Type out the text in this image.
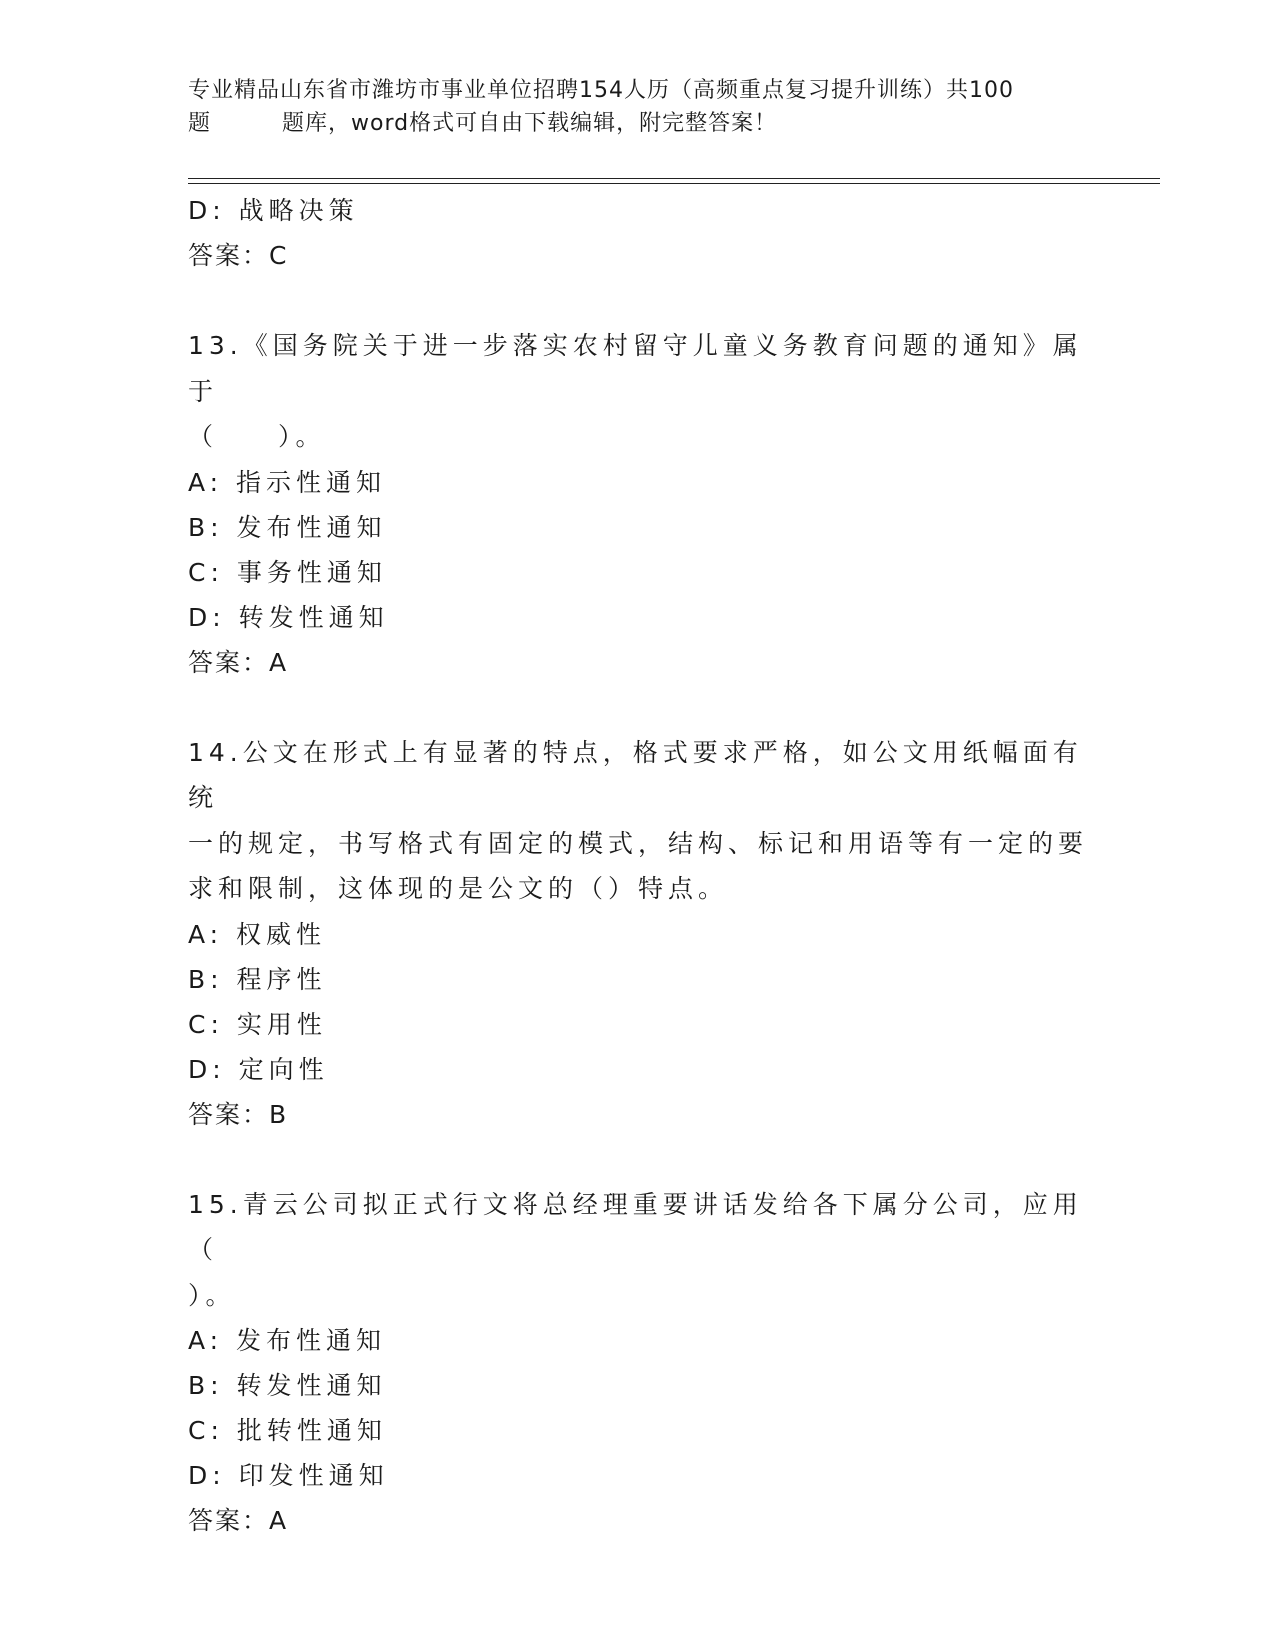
专业精品山东省市潍坊市事业单位招聘154人历（高频重点复习提升训练）共100
题	题库，word格式可自由下载编辑，附完整答案！
D: 战略决策
答案：C
13.《国务院关于进一步落实农村留守儿童义务教育问题的通知》属于
（　　）。
A: 指示性通知
B: 发布性通知
C: 事务性通知
D: 转发性通知
答案：A
14.公文在形式上有显著的特点，格式要求严格，如公文用纸幅面有统
一的规定，书写格式有固定的模式，结构、标记和用语等有一定的要
求和限制，这体现的是公文的（）特点。
A: 权威性
B: 程序性
C: 实用性
D: 定向性
答案：B
15.青云公司拟正式行文将总经理重要讲话发给各下属分公司，应用（
）。
A: 发布性通知
B: 转发性通知
C: 批转性通知
D: 印发性通知
答案：A
